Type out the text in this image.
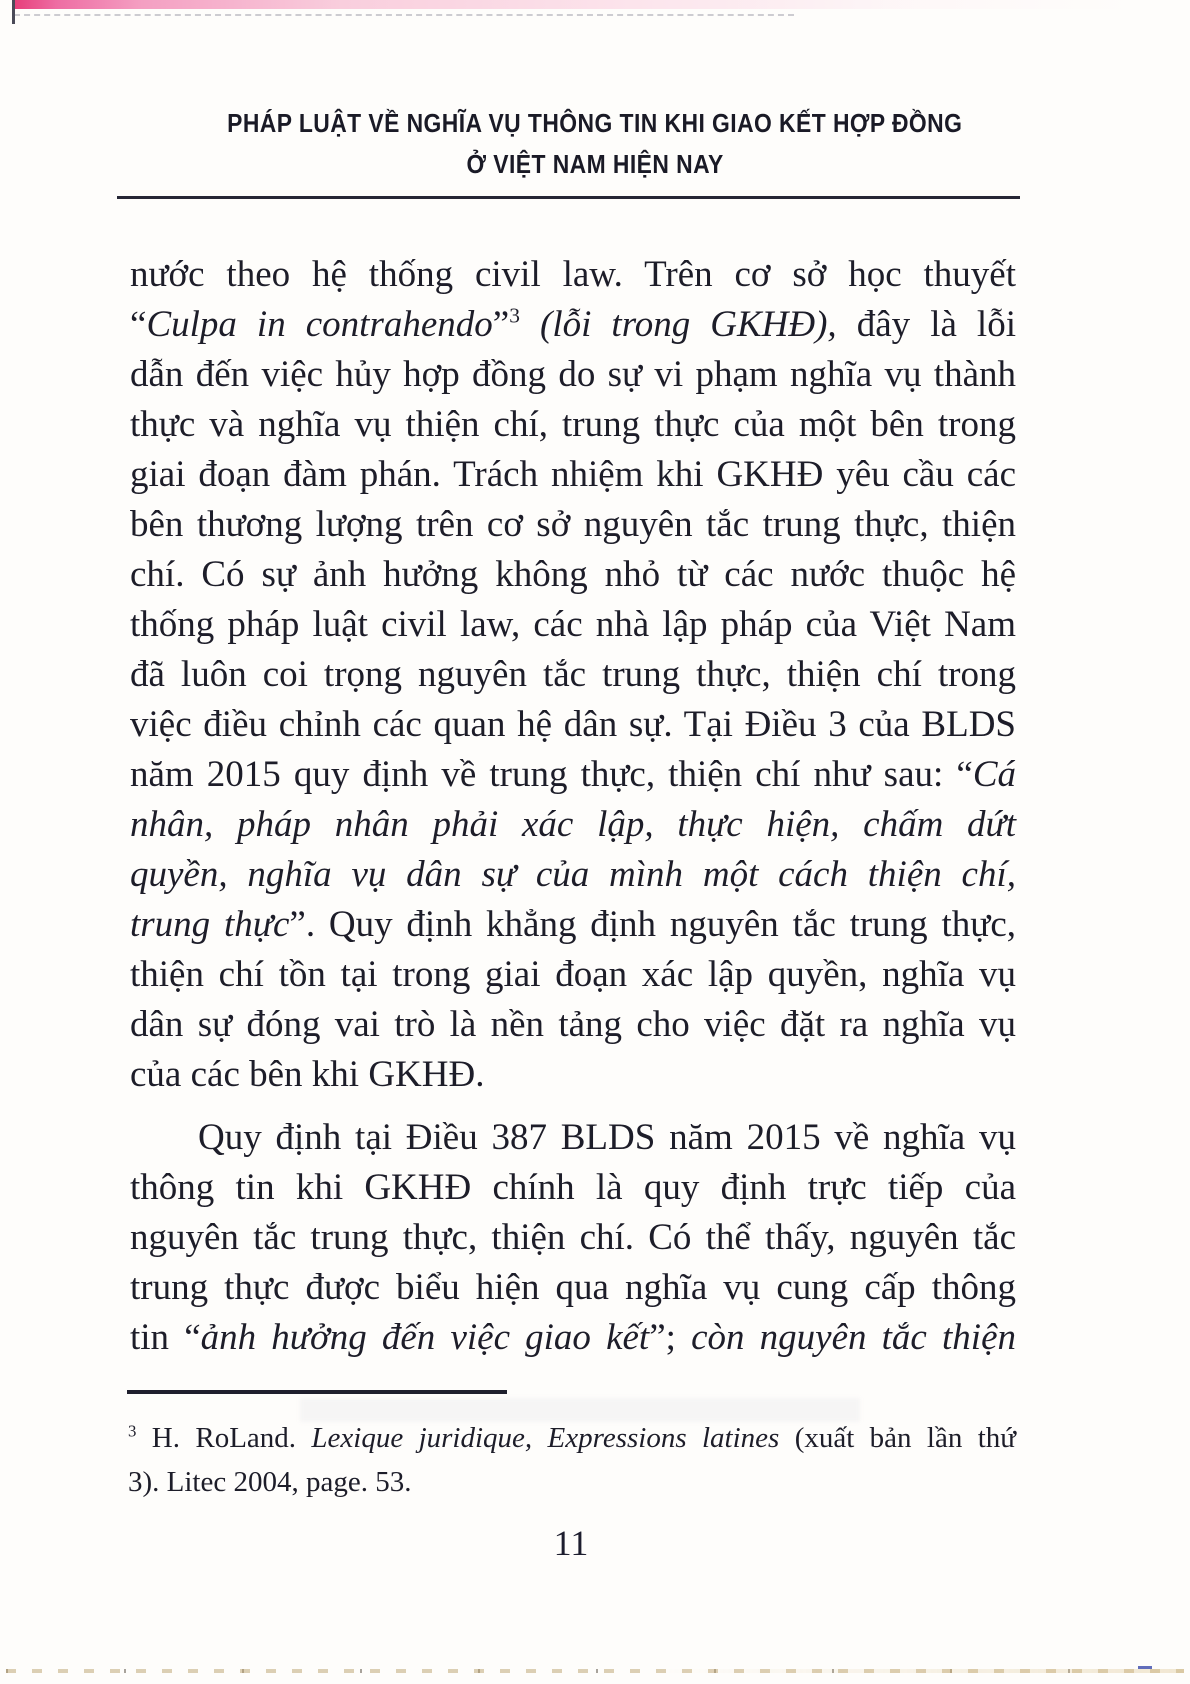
PHÁP LUẬT VỀ NGHĨA VỤ THÔNG TIN KHI GIAO KẾT HỢP ĐỒNG
Ở VIỆT NAM HIỆN NAY
nước theo hệ thống civil law. Trên cơ sở học thuyết
“Culpa in contrahendo”$^3$ (lỗi trong GKHĐ), đây là lỗi
dẫn đến việc hủy hợp đồng do sự vi phạm nghĩa vụ thành
thực và nghĩa vụ thiện chí, trung thực của một bên trong
giai đoạn đàm phán. Trách nhiệm khi GKHĐ yêu cầu các
bên thương lượng trên cơ sở nguyên tắc trung thực, thiện
chí. Có sự ảnh hưởng không nhỏ từ các nước thuộc hệ
thống pháp luật civil law, các nhà lập pháp của Việt Nam
đã luôn coi trọng nguyên tắc trung thực, thiện chí trong
việc điều chỉnh các quan hệ dân sự. Tại Điều 3 của BLDS
năm 2015 quy định về trung thực, thiện chí như sau: “Cá
nhân, pháp nhân phải xác lập, thực hiện, chấm dứt
quyền, nghĩa vụ dân sự của mình một cách thiện chí,
trung thực”. Quy định khẳng định nguyên tắc trung thực,
thiện chí tồn tại trong giai đoạn xác lập quyền, nghĩa vụ
dân sự đóng vai trò là nền tảng cho việc đặt ra nghĩa vụ
của các bên khi GKHĐ.
Quy định tại Điều 387 BLDS năm 2015 về nghĩa vụ
thông tin khi GKHĐ chính là quy định trực tiếp của
nguyên tắc trung thực, thiện chí. Có thể thấy, nguyên tắc
trung thực được biểu hiện qua nghĩa vụ cung cấp thông
tin “ảnh hưởng đến việc giao kết”; còn nguyên tắc thiện
$^3$ H. RoLand. Lexique juridique, Expressions latines (xuất bản lần thứ
3). Litec 2004, page. 53.
11
